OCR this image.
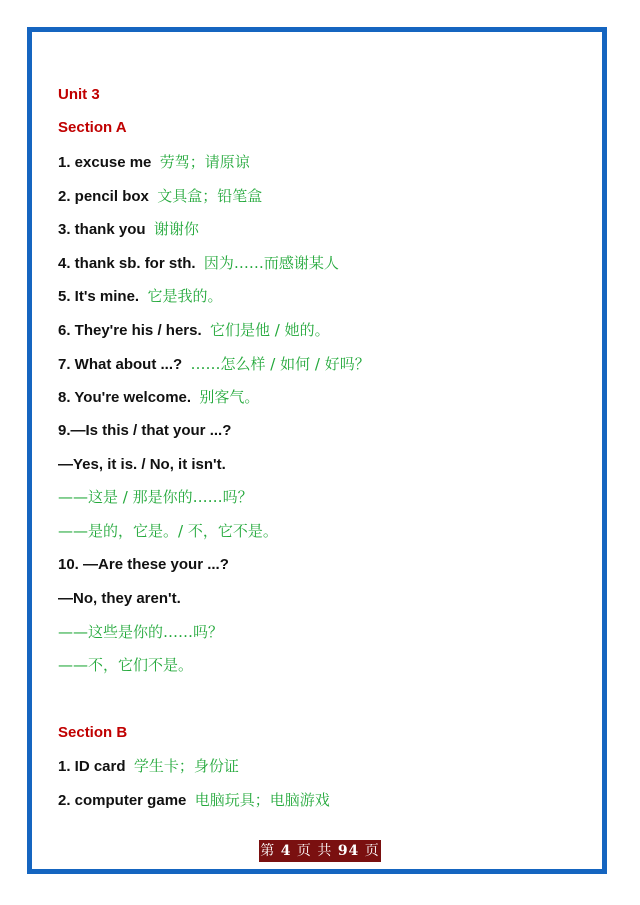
Unit 3
Section A
1. excuse me 劳驾；请原谅
2. pencil box 文具盒；铅笔盒
3. thank you 谢谢你
4. thank sb. for sth. 因为……而感谢某人
5. It's mine. 它是我的。
6. They're his / hers. 它们是他 / 她的。
7. What about ...? ……怎么样 / 如何 / 好吗？
8. You're welcome. 别客气。
9.—Is this / that your ...?
—Yes, it is. / No, it isn't.
——这是 / 那是你的……吗？
——是的，它是。/ 不，它不是。
10. —Are these your ...?
—No, they aren't.
——这些是你的……吗？
——不，它们不是。
Section B
1. ID card 学生卡；身份证
2. computer game 电脑玩具；电脑游戏
第 4 页 共 94 页
